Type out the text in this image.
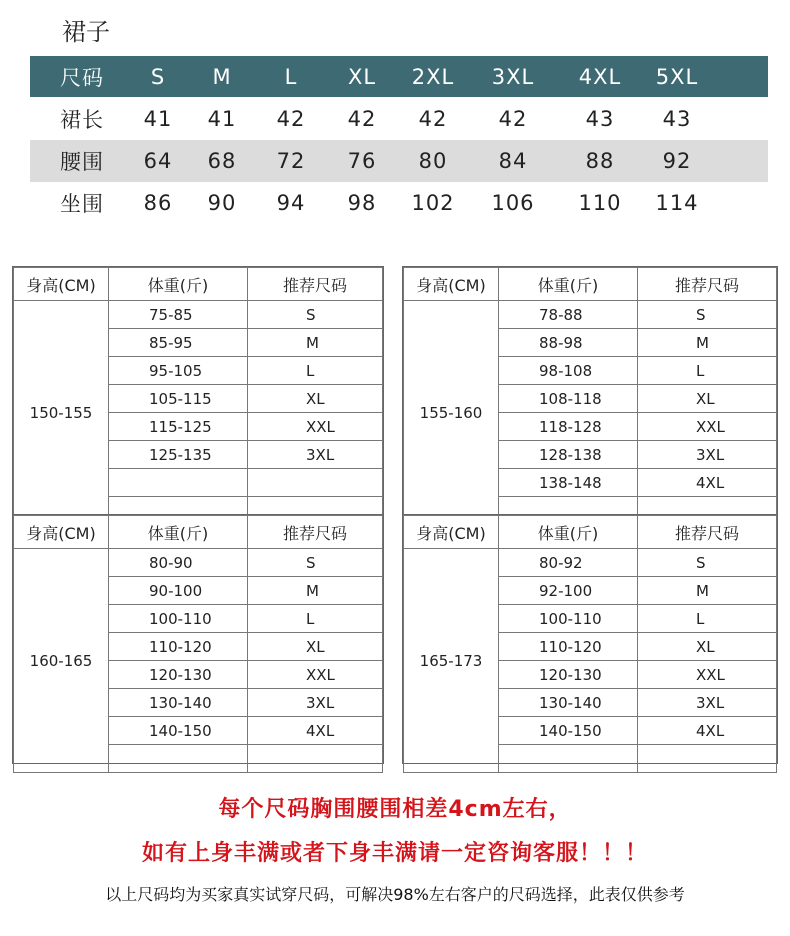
裙子
尺码	S	M	L	XL	2XL	3XL	4XL	5XL
裙长	41	41	42	42	42	42	43	43
腰围	64	68	72	76	80	84	88	92
坐围	86	90	94	98	102	106	110	114
身高(CM)	体重(斤)	推荐尺码
150-155	75-85	S
	85-95	M
	95-105	L
	105-115	XL
	115-125	XXL
	125-135	3XL

身高(CM)	体重(斤)	推荐尺码
155-160	78-88	S
	88-98	M
	98-108	L
	108-118	XL
	118-128	XXL
	128-138	3XL
	138-148	4XL

身高(CM)	体重(斤)	推荐尺码
160-165	80-90	S
	90-100	M
	100-110	L
	110-120	XL
	120-130	XXL
	130-140	3XL
	140-150	4XL

身高(CM)	体重(斤)	推荐尺码
165-173	80-92	S
	92-100	M
	100-110	L
	110-120	XL
	120-130	XXL
	130-140	3XL
	140-150	4XL

每个尺码胸围腰围相差4cm左右，
如有上身丰满或者下身丰满请一定咨询客服！！！
以上尺码均为买家真实试穿尺码，可解决98%左右客户的尺码选择，此表仅供参考
